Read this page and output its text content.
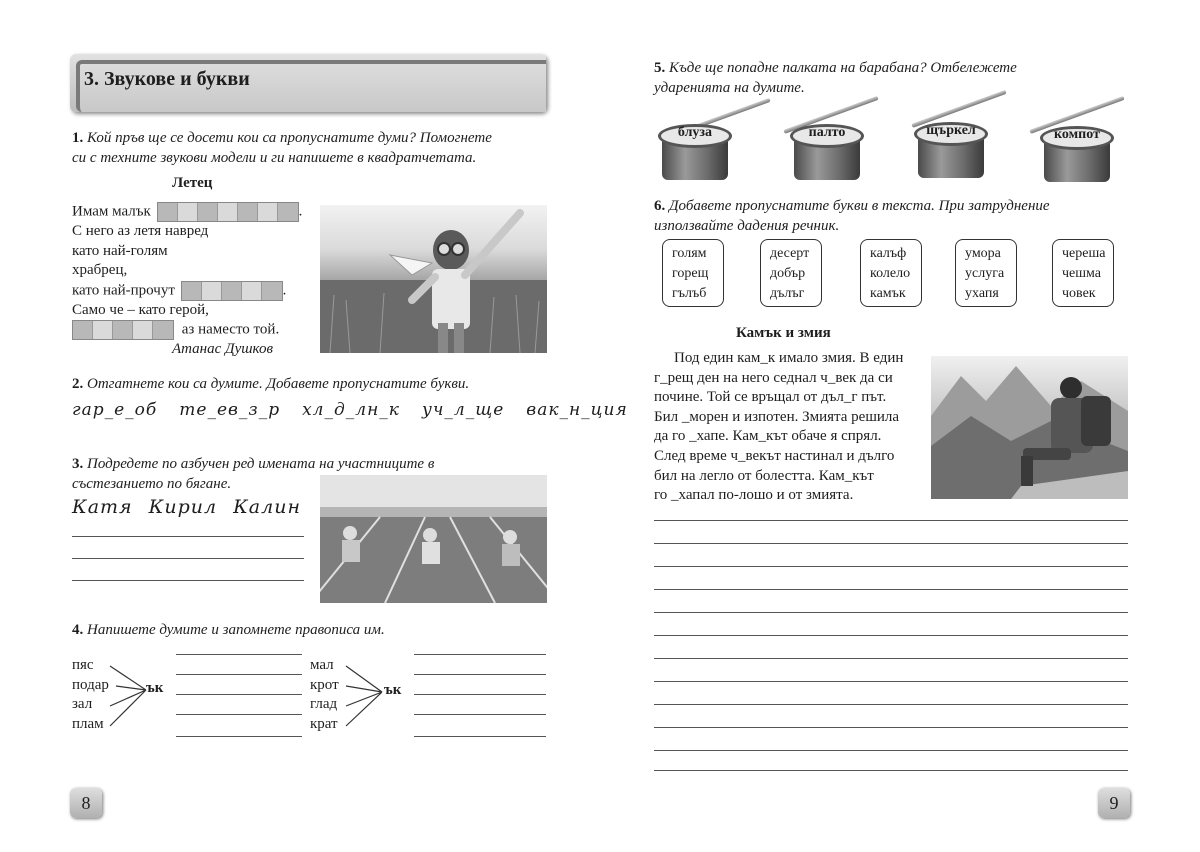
3. Звукове и букви
1. Кой пръв ще се досети кои са пропуснатите думи? Помогнете
си с техните звукови модели и ги напишете в квадратчетата.
Летец
Имам малък	.
С него аз летя навред
като най-голям
храбрец,
като най-прочут	.
Само че – като герой,
аз наместо той.
Атанас Душков
2. Отгатнете кои са думите. Добавете пропуснатите букви.
гар_е_об те_ев_з_р хл_д_лн_к уч_л_ще вак_н_ция
3. Подредете по азбучен ред имената на участниците в
състезанието по бягане.
Катя Кирил Калин
4. Напишете думите и запомнете правописа им.
пяс
подар
зал
плам
ък
мал
крот
глад
крат
ък
8
5. Къде ще попадне палката на барабана? Отбележете
ударенията на думите.
блуза	палто	щъркел	компот
6. Добавете пропуснатите букви в текста. При затруднение
използвайте дадения речник.
голям
горещ
гълъб
десерт
добър
дълъг
калъф
колело
камък
умора
услуга
ухапя
череша
чешма
човек
Камък и змия
Под един кам_к имало змия. В един
г_рещ ден на него седнал ч_век да си
почине. Той се връщал от дъл_г път.
Бил _морен и изпотен. Змията решила
да го _хапе. Кам_кът обаче я спрял.
След време ч_векът настинал и дълго
бил на легло от болестта. Кам_кът
го _хапал по-лошо и от змията.
9
